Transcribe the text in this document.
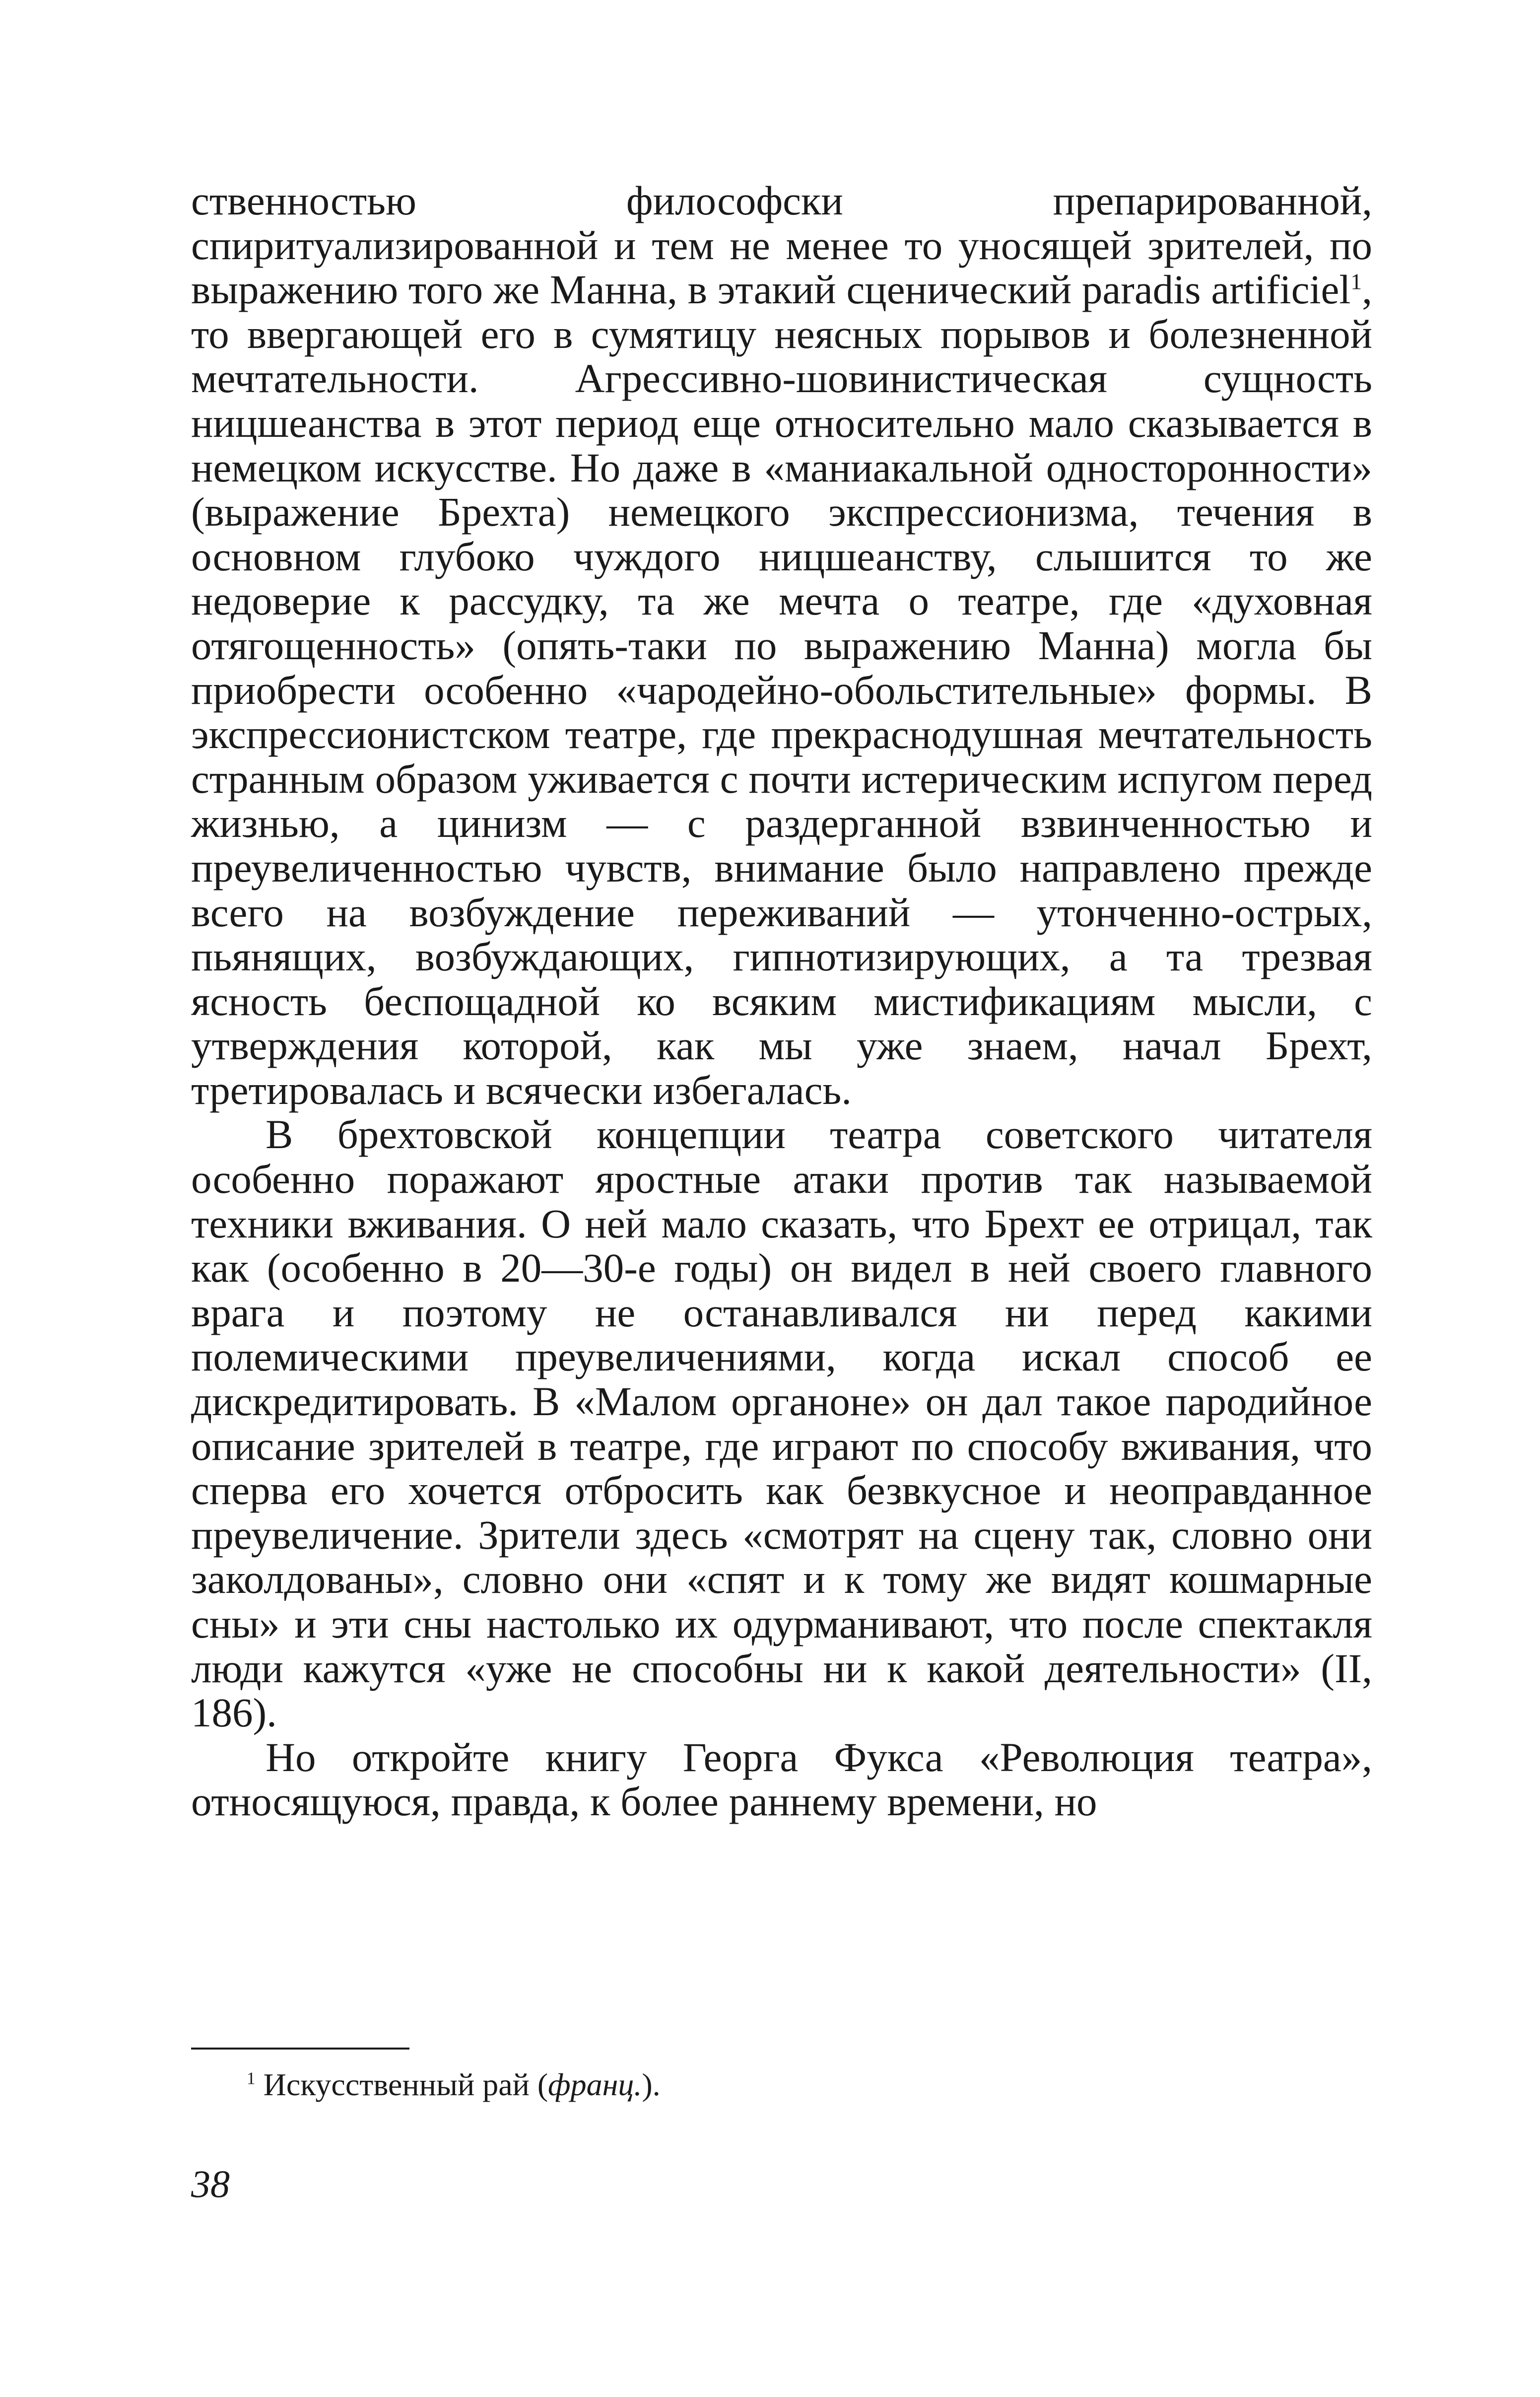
ственностью философски препарированной, спиритуализированной и тем не менее то уносящей зрителей, по выражению того же Манна, в этакий сценический paradis artificiel$^1$, то ввергающей его в сумятицу неясных порывов и болезненной мечтательности. Агрессивно-шовинистическая сущность ницшеанства в этот период еще относительно мало сказывается в немецком искусстве. Но даже в «маниакальной односторонности» (выражение Брехта) немецкого экспрессионизма, течения в основном глубоко чуждого ницшеанству, слышится то же недоверие к рассудку, та же мечта о театре, где «духовная отягощенность» (опять-таки по выражению Манна) могла бы приобрести особенно «чародейно-обольстительные» формы. В экспрессионистском театре, где прекраснодушная мечтательность странным образом уживается с почти истерическим испугом перед жизнью, а цинизм — с раздерганной взвинченностью и преувеличенностью чувств, внимание было направлено прежде всего на возбуждение переживаний — утонченно-острых, пьянящих, возбуждающих, гипнотизирующих, а та трезвая ясность беспощадной ко всяким мистификациям мысли, с утверждения которой, как мы уже знаем, начал Брехт, третировалась и всячески избегалась.

В брехтовской концепции театра советского читателя особенно поражают яростные атаки против так называемой техники вживания. О ней мало сказать, что Брехт ее отрицал, так как (особенно в 20—30-е годы) он видел в ней своего главного врага и поэтому не останавливался ни перед какими полемическими преувеличениями, когда искал способ ее дискредитировать. В «Малом органоне» он дал такое пародийное описание зрителей в театре, где играют по способу вживания, что сперва его хочется отбросить как безвкусное и неоправданное преувеличение. Зрители здесь «смотрят на сцену так, словно они заколдованы», словно они «спят и к тому же видят кошмарные сны» и эти сны настолько их одурманивают, что после спектакля люди кажутся «уже не способны ни к какой деятельности» (II, 186).

Но откройте книгу Георга Фукса «Революция театра», относящуюся, правда, к более раннему времени, но

$^1$ Искусственный рай (франц.).
38
